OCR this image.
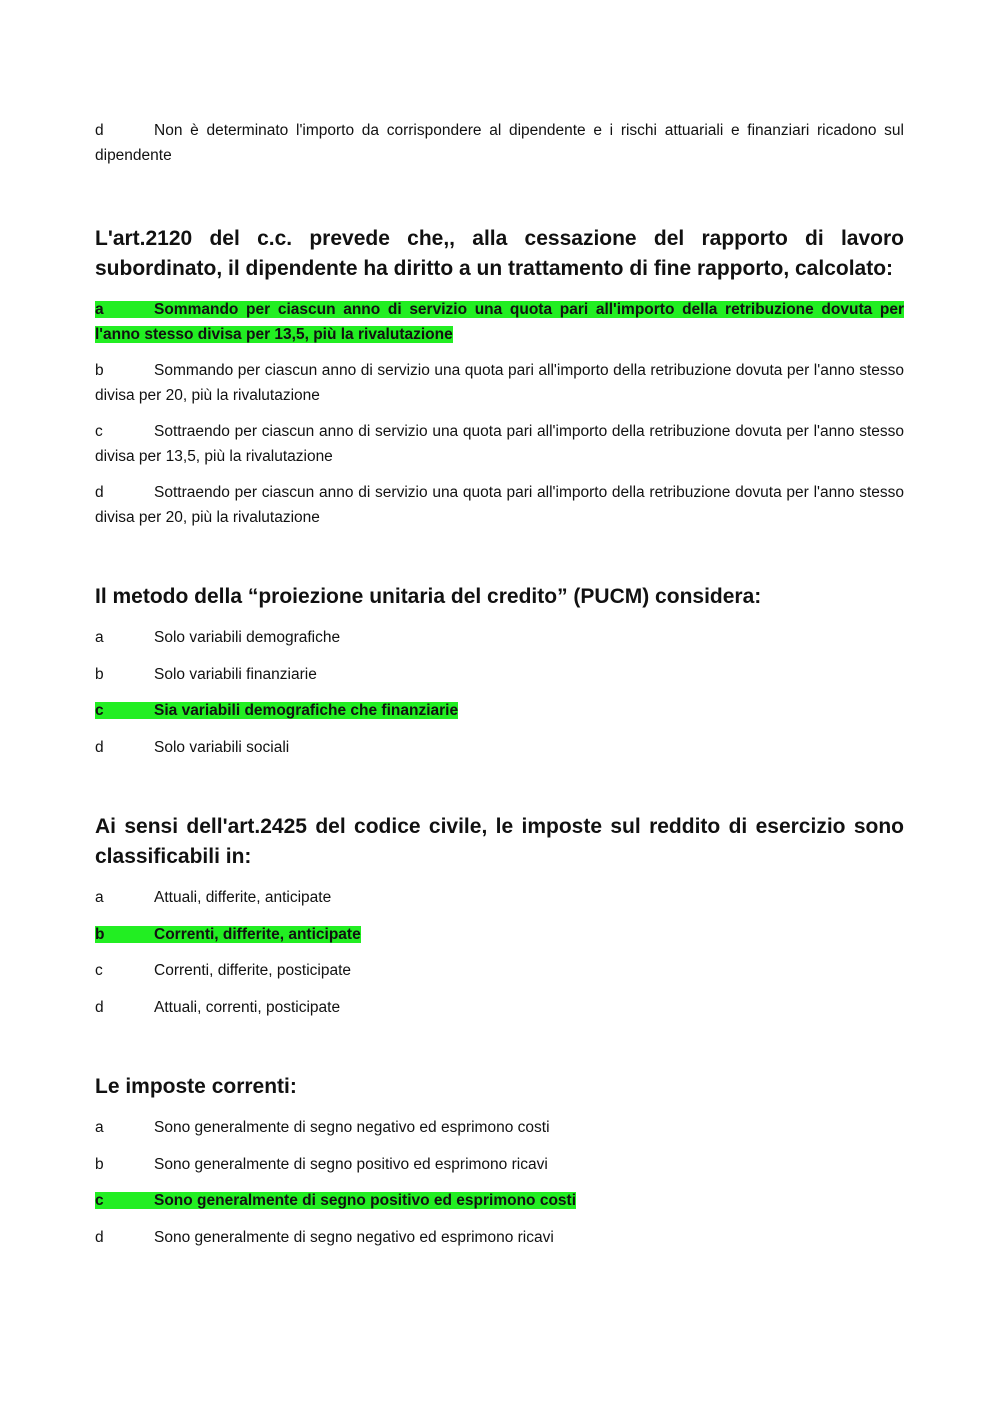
d	Non è determinato l'importo da corrispondere al dipendente e i rischi attuariali e finanziari ricadono sul dipendente

L'art.2120 del c.c. prevede che,, alla cessazione del rapporto di lavoro subordinato, il dipendente ha diritto a un trattamento di fine rapporto, calcolato:

a	Sommando per ciascun anno di servizio una quota pari all'importo della retribuzione dovuta per l'anno stesso divisa per 13,5, più la rivalutazione

b	Sommando per ciascun anno di servizio una quota pari all'importo della retribuzione dovuta per l'anno stesso divisa per 20, più la rivalutazione

c	Sottraendo per ciascun anno di servizio una quota pari all'importo della retribuzione dovuta per l'anno stesso divisa per 13,5, più la rivalutazione

d	Sottraendo per ciascun anno di servizio una quota pari all'importo della retribuzione dovuta per l'anno stesso divisa per 20, più la rivalutazione

Il metodo della “proiezione unitaria del credito” (PUCM) considera:

a	Solo variabili demografiche

b	Solo variabili finanziarie

c	Sia variabili demografiche che finanziarie

d	Solo variabili sociali

Ai sensi dell'art.2425 del codice civile, le imposte sul reddito di esercizio sono classificabili in:

a	Attuali, differite, anticipate

b	Correnti, differite, anticipate

c	Correnti, differite, posticipate

d	Attuali, correnti, posticipate

Le imposte correnti:

a	Sono generalmente di segno negativo ed esprimono costi

b	Sono generalmente di segno positivo ed esprimono ricavi

c	Sono generalmente di segno positivo ed esprimono costi

d	Sono generalmente di segno negativo ed esprimono ricavi
